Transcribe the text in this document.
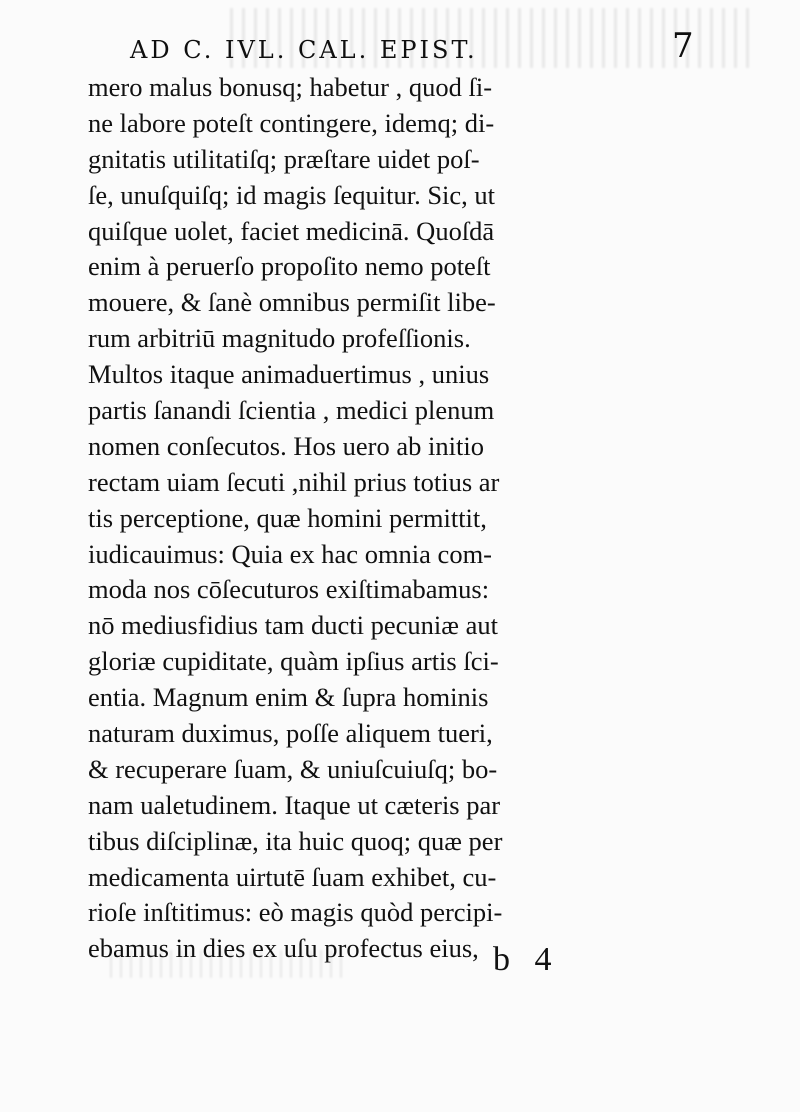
AD C. IVL. CAL. EPIST.	7
mero malus bonusq; habetur , quod ſi-
ne labore poteſt contingere, idemq; di-
gnitatis utilitatiſq; præſtare uidet poſ-
ſe, unuſquiſq; id magis ſequitur. Sic, ut
quiſque uolet, faciet medicinā. Quoſdā
enim à peruerſo propoſito nemo poteſt
mouere, & ſanè omnibus permiſit libe-
rum arbitriū magnitudo profeſſionis.
Multos itaque animaduertimus , unius
partis ſanandi ſcientia , medici plenum
nomen conſecutos. Hos uero ab initio
rectam uiam ſecuti ,nihil prius totius ar
tis perceptione, quæ homini permittit,
iudicauimus: Quia ex hac omnia com-
moda nos cōſecuturos exiſtimabamus:
nō mediusfidius tam ducti pecuniæ aut
gloriæ cupiditate, quàm ipſius artis ſci-
entia. Magnum enim & ſupra hominis
naturam duximus, poſſe aliquem tueri,
& recuperare ſuam, & uniuſcuiuſq; bo-
nam ualetudinem. Itaque ut cæteris par
tibus diſciplinæ, ita huic quoq; quæ per
medicamenta uirtutē ſuam exhibet, cu-
rioſe inſtitimus: eò magis quòd percipi-
ebamus in dies ex uſu profectus eius, b 4
